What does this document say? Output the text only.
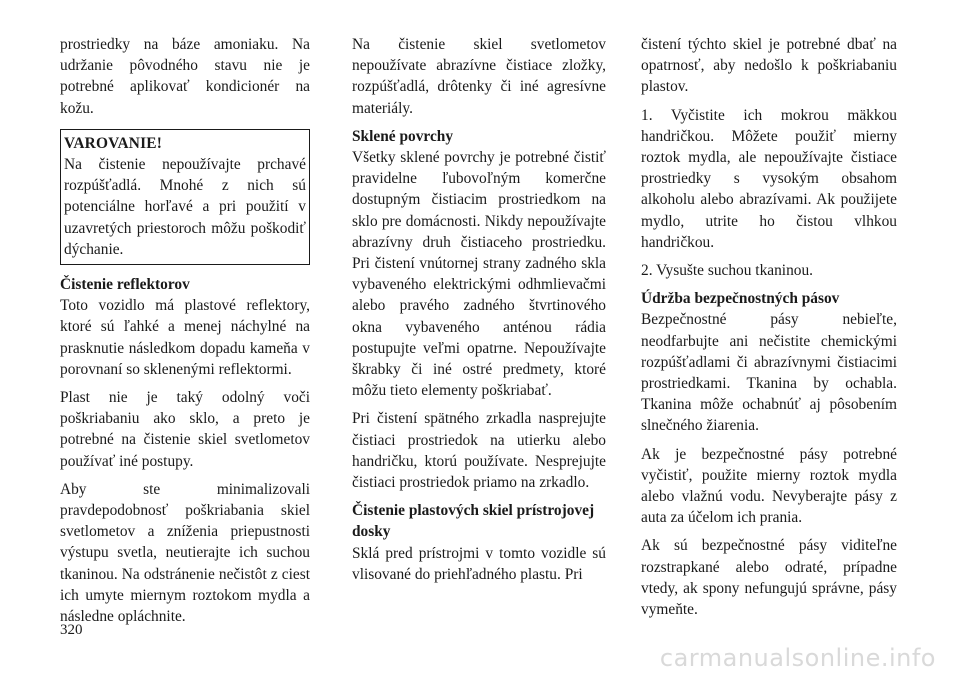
prostriedky na báze amoniaku. Na udržanie pôvodného stavu nie je potrebné aplikovať kondicionér na kožu.

VAROVANIE!

Na čistenie nepoužívajte prchavé rozpúšťadlá. Mnohé z nich sú potenciálne horľavé a pri použití v uzavretých priestoroch môžu poškodiť dýchanie.

Čistenie reflektorov

Toto vozidlo má plastové reflektory, ktoré sú ľahké a menej náchylné na prasknutie následkom dopadu kameňa v porovnaní so sklenenými reflektormi.

Plast nie je taký odolný voči poškriabaniu ako sklo, a preto je potrebné na čistenie skiel svetlometov používať iné postupy.

Aby ste minimalizovali pravdepodobnosť poškriabania skiel svetlometov a zníženia priepustnosti výstupu svetla, neutierajte ich suchou tkaninou. Na odstránenie nečistôt z ciest ich umyte miernym roztokom mydla a následne opláchnite.

Na čistenie skiel svetlometov nepoužívate abrazívne čistiace zložky, rozpúšťadlá, drôtenky či iné agresívne materiály.

Sklené povrchy

Všetky sklené povrchy je potrebné čistiť pravidelne ľubovoľným komerčne dostupným čistiacim prostriedkom na sklo pre domácnosti. Nikdy nepoužívajte abrazívny druh čistiaceho prostriedku. Pri čistení vnútornej strany zadného skla vybaveného elektrickými odhmlievačmi alebo pravého zadného štvrtinového okna vybaveného anténou rádia postupujte veľmi opatrne. Nepoužívajte škrabky či iné ostré predmety, ktoré môžu tieto elementy poškriabať.

Pri čistení spätného zrkadla nasprejujte čistiaci prostriedok na utierku alebo handričku, ktorú používate. Nesprejujte čistiaci prostriedok priamo na zrkadlo.

Čistenie plastových skiel prístrojovej dosky

Sklá pred prístrojmi v tomto vozidle sú vlisované do priehľadného plastu. Pri

čistení týchto skiel je potrebné dbať na opatrnosť, aby nedošlo k poškriabaniu plastov.

1. Vyčistite ich mokrou mäkkou handričkou. Môžete použiť mierny roztok mydla, ale nepoužívajte čistiace prostriedky s vysokým obsahom alkoholu alebo abrazívami. Ak použijete mydlo, utrite ho čistou vlhkou handričkou.

2. Vysušte suchou tkaninou.

Údržba bezpečnostných pásov

Bezpečnostné pásy nebieľte, neodfarbujte ani nečistite chemickými rozpúšťadlami či abrazívnymi čistiacimi prostriedkami. Tkanina by ochabla. Tkanina môže ochabnúť aj pôsobením slnečného žiarenia.

Ak je bezpečnostné pásy potrebné vyčistiť, použite mierny roztok mydla alebo vlažnú vodu. Nevyberajte pásy z auta za účelom ich prania.

Ak sú bezpečnostné pásy viditeľne rozstrapkané alebo odraté, prípadne vtedy, ak spony nefungujú správne, pásy vymeňte.

320
carmanualsonline.info
